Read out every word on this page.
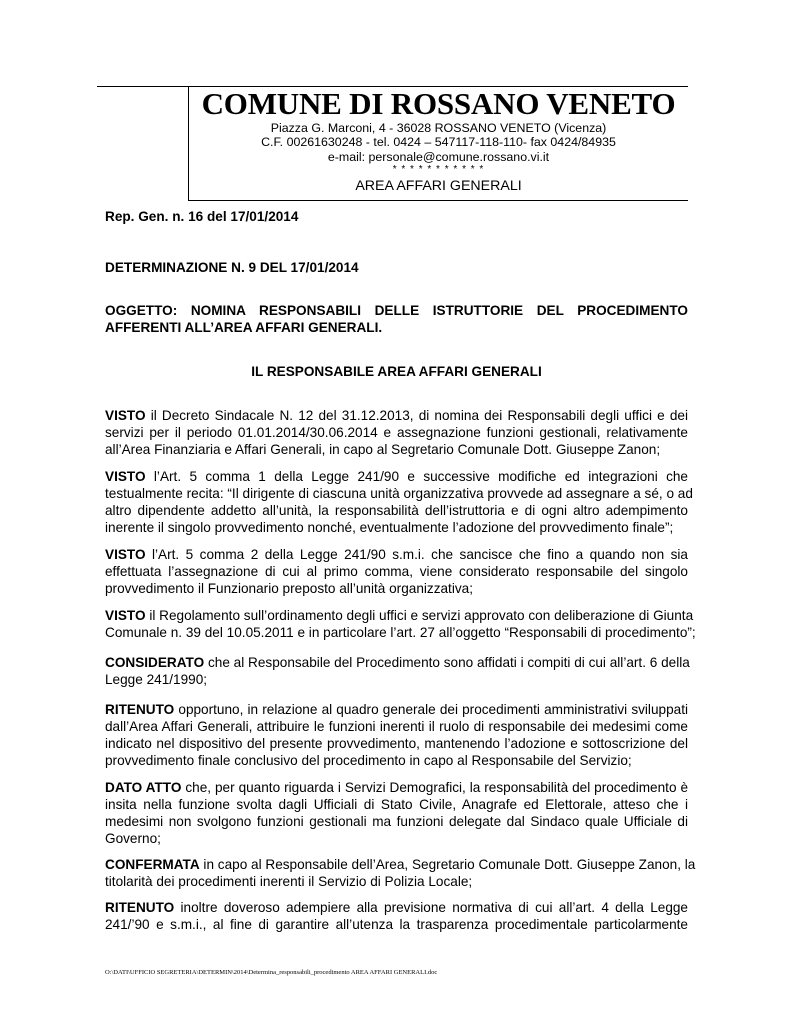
COMUNE DI ROSSANO VENETO
Piazza G. Marconi, 4 - 36028 ROSSANO VENETO (Vicenza)
C.F. 00261630248 - tel. 0424 – 547117-118-110- fax 0424/84935
e-mail: personale@comune.rossano.vi.it
* * * * * * * * * * *
AREA AFFARI GENERALI
Rep. Gen. n. 16 del 17/01/2014
DETERMINAZIONE N. 9 DEL 17/01/2014
OGGETTO: NOMINA RESPONSABILI DELLE ISTRUTTORIE DEL PROCEDIMENTO
AFFERENTI ALL’AREA AFFARI GENERALI.
IL RESPONSABILE AREA AFFARI GENERALI
VISTO il Decreto Sindacale N. 12 del 31.12.2013, di nomina dei Responsabili degli uffici e dei
servizi per il periodo 01.01.2014/30.06.2014 e assegnazione funzioni gestionali, relativamente
all’Area Finanziaria e Affari Generali, in capo al Segretario Comunale Dott. Giuseppe Zanon;
VISTO l’Art. 5 comma 1 della Legge 241/90 e successive modifiche ed integrazioni che
testualmente recita: “Il dirigente di ciascuna unità organizzativa provvede ad assegnare a sé, o ad
altro dipendente addetto all’unità, la responsabilità dell’istruttoria e di ogni altro adempimento
inerente il singolo provvedimento nonché, eventualmente l’adozione del provvedimento finale”;
VISTO l’Art. 5 comma 2 della Legge 241/90 s.m.i. che sancisce che fino a quando non sia
effettuata l’assegnazione di cui al primo comma, viene considerato responsabile del singolo
provvedimento il Funzionario preposto all’unità organizzativa;
VISTO il Regolamento sull’ordinamento degli uffici e servizi approvato con deliberazione di Giunta
Comunale n. 39 del 10.05.2011 e in particolare l’art. 27 all’oggetto “Responsabili di procedimento”;
CONSIDERATO che al Responsabile del Procedimento sono affidati i compiti di cui all’art. 6 della
Legge 241/1990;
RITENUTO opportuno, in relazione al quadro generale dei procedimenti amministrativi sviluppati
dall’Area Affari Generali, attribuire le funzioni inerenti il ruolo di responsabile dei medesimi come
indicato nel dispositivo del presente provvedimento, mantenendo l’adozione e sottoscrizione del
provvedimento finale conclusivo del procedimento in capo al Responsabile del Servizio;
DATO ATTO che, per quanto riguarda i Servizi Demografici, la responsabilità del procedimento è
insita nella funzione svolta dagli Ufficiali di Stato Civile, Anagrafe ed Elettorale, atteso che i
medesimi non svolgono funzioni gestionali ma funzioni delegate dal Sindaco quale Ufficiale di
Governo;
CONFERMATA in capo al Responsabile dell’Area, Segretario Comunale Dott. Giuseppe Zanon, la
titolarità dei procedimenti inerenti il Servizio di Polizia Locale;
RITENUTO inoltre doveroso adempiere alla previsione normativa di cui all’art. 4 della Legge
241/’90 e s.m.i., al fine di garantire all’utenza la trasparenza procedimentale particolarmente
O:\DATI\UFFICIO SEGRETERIA\DETERMIN\2014\Determina_responsabili_procedimento AREA AFFARI GENERALI.doc
